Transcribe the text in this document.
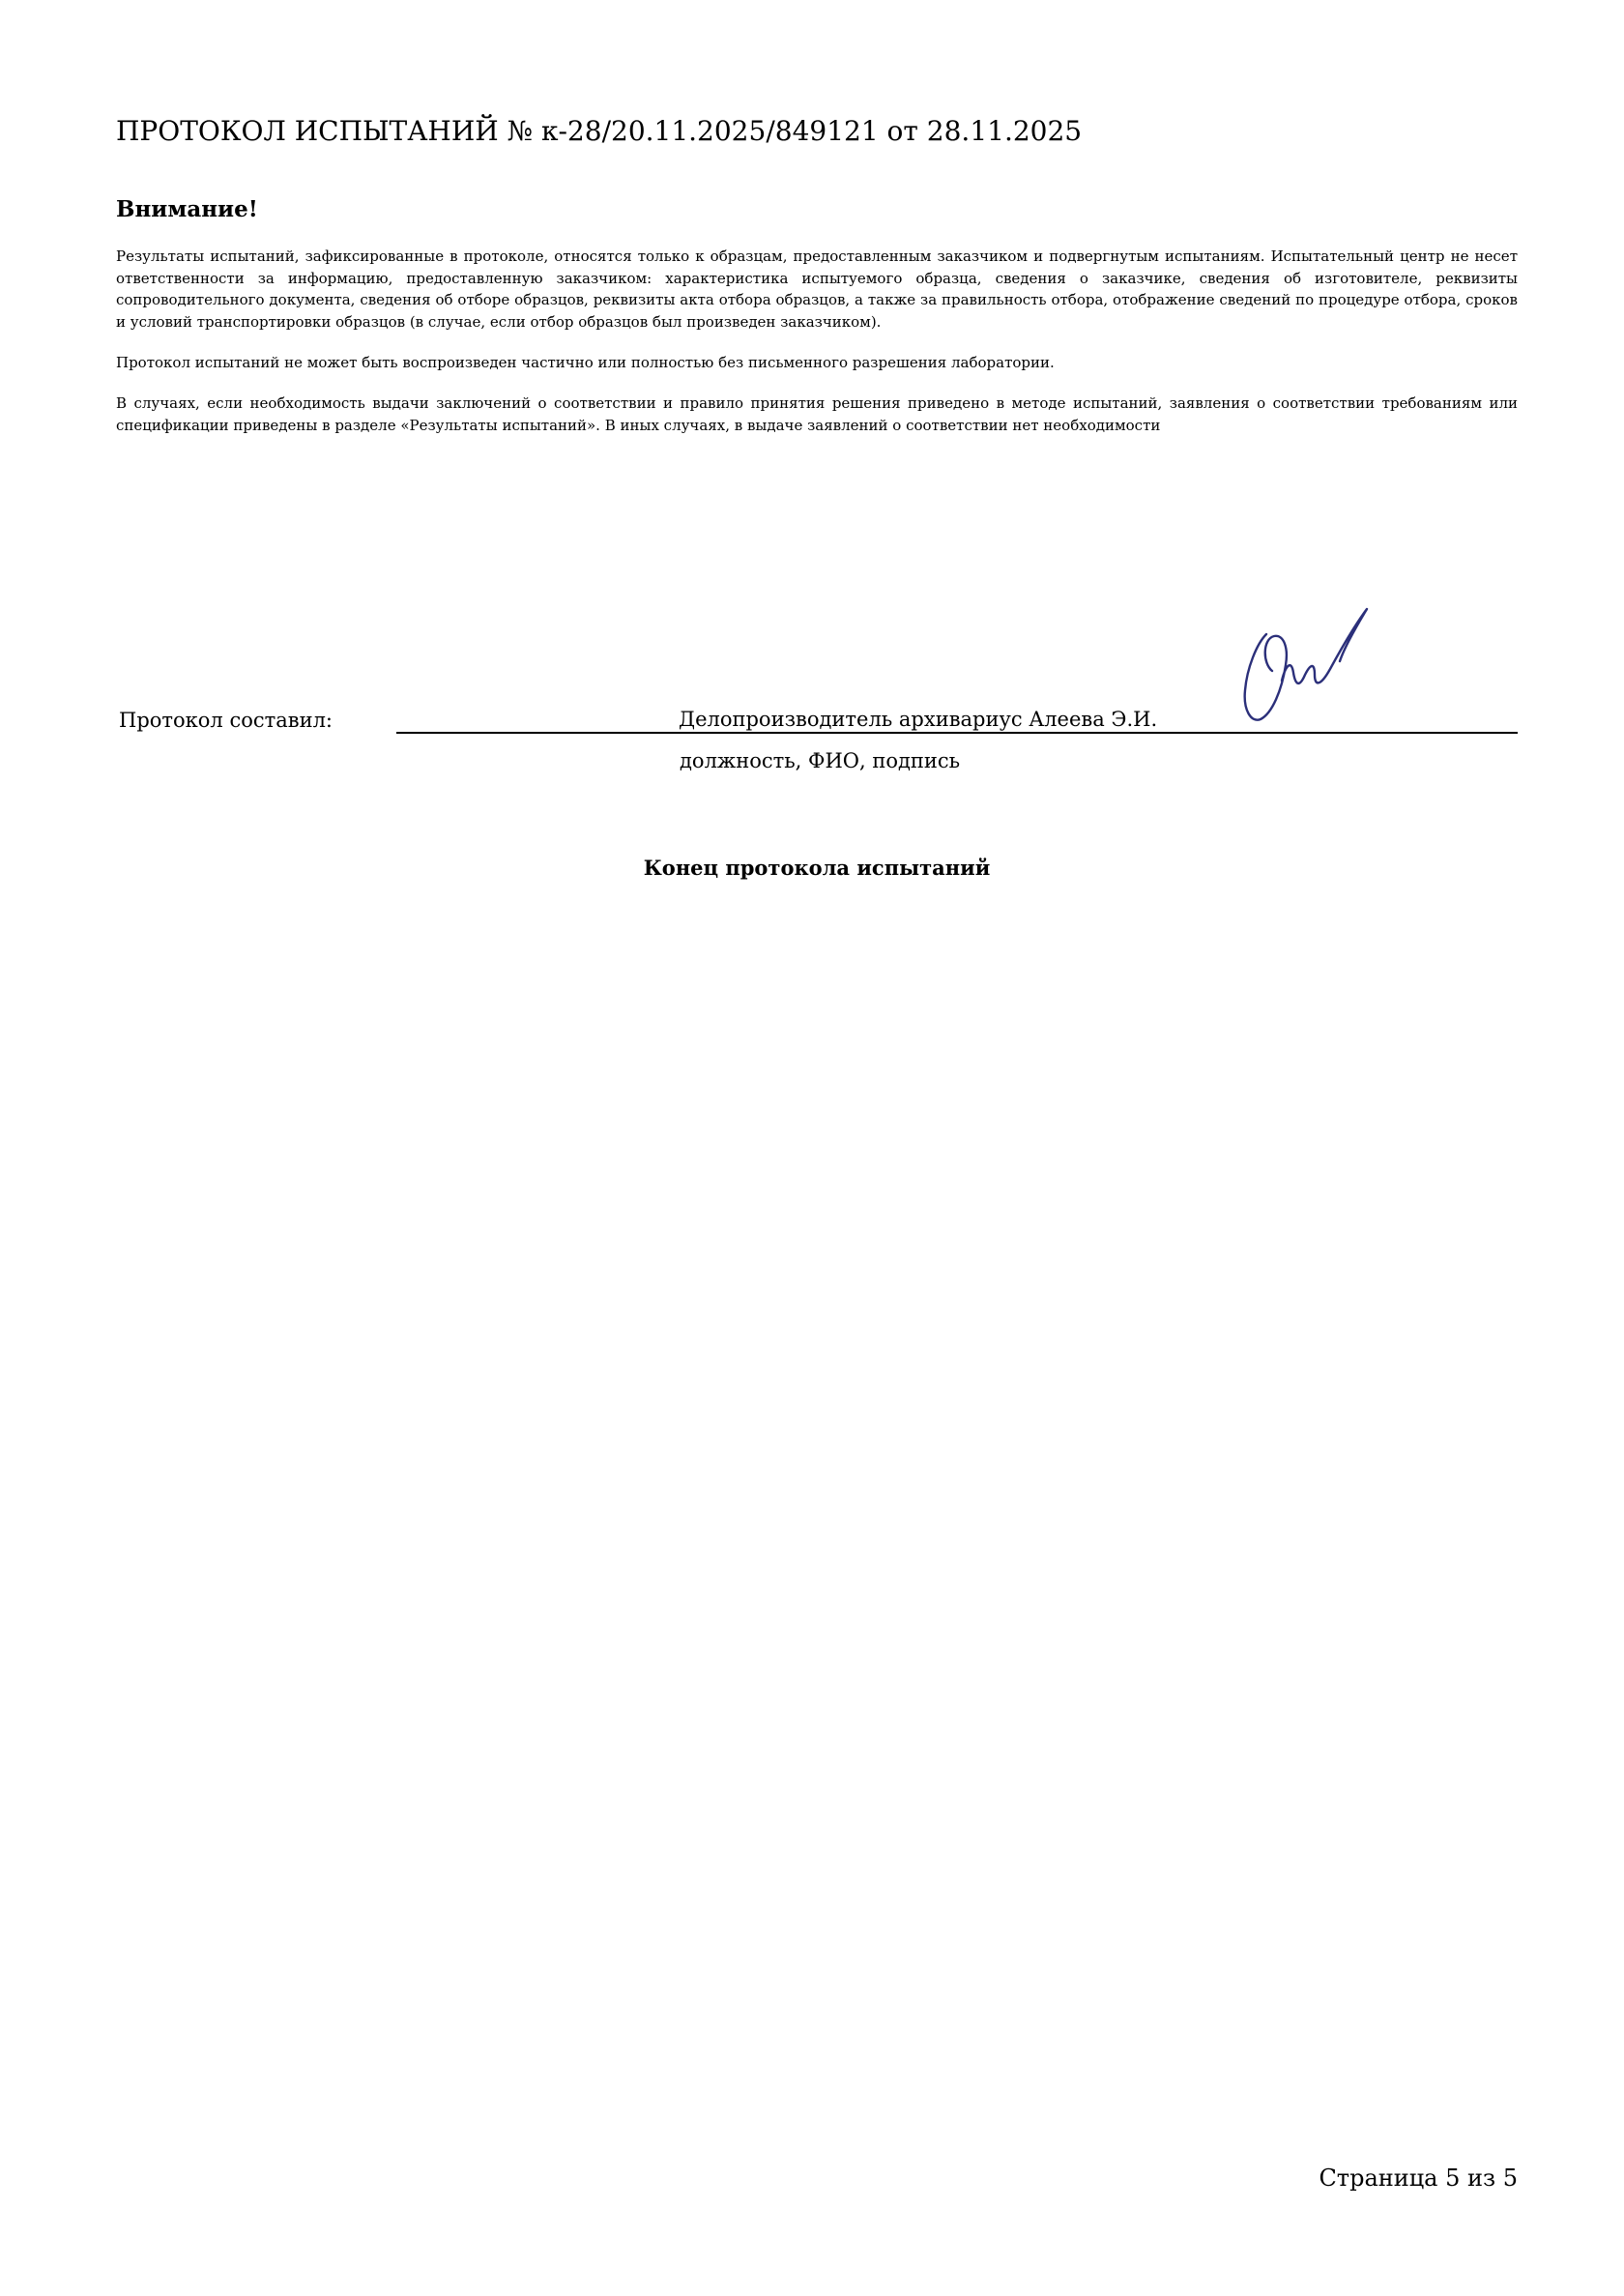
ПРОТОКОЛ ИСПЫТАНИЙ № к-28/20.11.2025/849121 от 28.11.2025
Внимание!

Результаты испытаний, зафиксированные в протоколе, относятся только к образцам, предоставленным заказчиком и подвергнутым испытаниям. Испытательный центр не несет ответственности за информацию, предоставленную заказчиком: характеристика испытуемого образца, сведения о заказчике, сведения об изготовителе, реквизиты сопроводительного документа, сведения об отборе образцов, реквизиты акта отбора образцов, а также за правильность отбора, отображение сведений по процедуре отбора, сроков и условий транспортировки образцов (в случае, если отбор образцов был произведен заказчиком).

Протокол испытаний не может быть воспроизведен частично или полностью без письменного разрешения лаборатории.

В случаях, если необходимость выдачи заключений о соответствии и правило принятия решения приведено в методе испытаний, заявления о соответствии требованиям или спецификации приведены в разделе «Результаты испытаний». В иных случаях, в выдаче заявлений о соответствии нет необходимости

Протокол составил:	Делопроизводитель архивариус Алеева Э.И.
должность, ФИО, подпись
Конец протокола испытаний
Страница 5 из 5
